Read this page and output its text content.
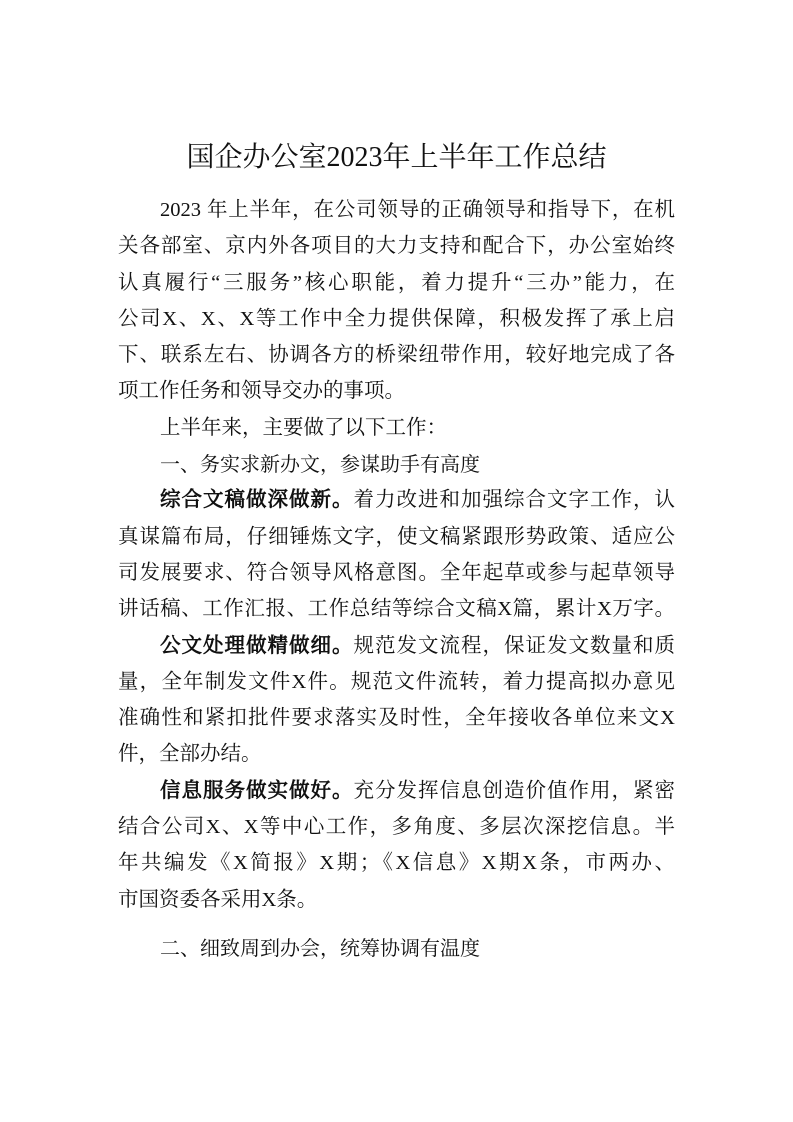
国企办公室2023年上半年工作总结
2023 年上半年，在公司领导的正确领导和指导下，在机
关各部室、京内外各项目的大力支持和配合下，办公室始终
认真履行“三服务”核心职能，着力提升“三办”能力，在
公司X、X、X等工作中全力提供保障，积极发挥了承上启
下、联系左右、协调各方的桥梁纽带作用，较好地完成了各
项工作任务和领导交办的事项。
上半年来，主要做了以下工作：
一、务实求新办文，参谋助手有高度
综合文稿做深做新。着力改进和加强综合文字工作，认
真谋篇布局，仔细锤炼文字，使文稿紧跟形势政策、适应公
司发展要求、符合领导风格意图。全年起草或参与起草领导
讲话稿、工作汇报、工作总结等综合文稿X篇，累计X万字。
公文处理做精做细。规范发文流程，保证发文数量和质
量，全年制发文件X件。规范文件流转，着力提高拟办意见
准确性和紧扣批件要求落实及时性，全年接收各单位来文X
件，全部办结。
信息服务做实做好。充分发挥信息创造价值作用，紧密
结合公司X、X等中心工作，多角度、多层次深挖信息。半
年共编发《X简报》X期；《X信息》X期X条，市两办、
市国资委各采用X条。
二、细致周到办会，统筹协调有温度
